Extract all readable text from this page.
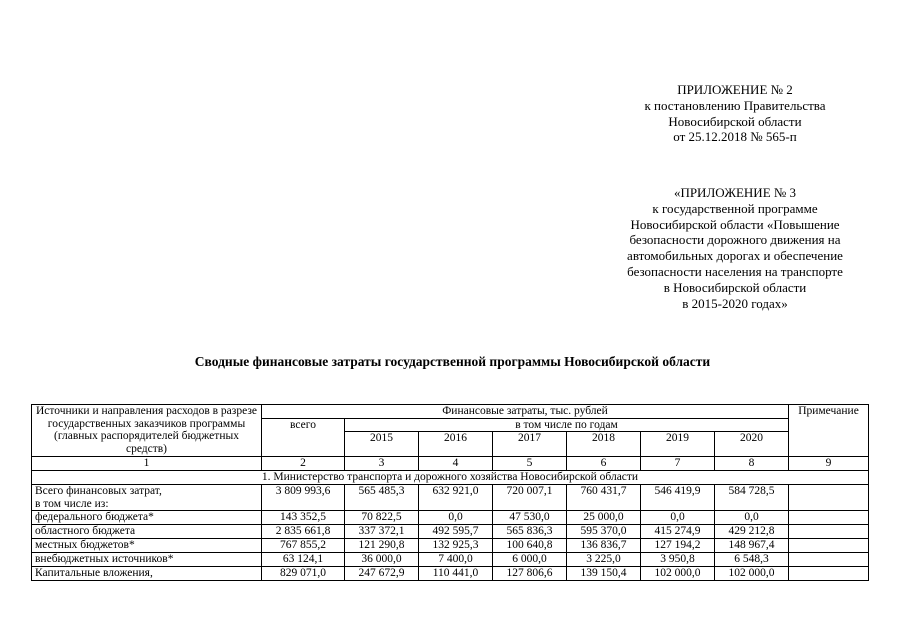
ПРИЛОЖЕНИЕ № 2
к постановлению Правительства
Новосибирской области
от 25.12.2018 № 565-п
«ПРИЛОЖЕНИЕ № 3
к государственной программе
Новосибирской области «Повышение
безопасности дорожного движения на
автомобильных дорогах и обеспечение
безопасности населения на транспорте
в Новосибирской области
в 2015-2020 годах»
Сводные финансовые затраты государственной программы Новосибирской области
Источники и направления расходов в разрезе государственных заказчиков программы (главных распорядителей бюджетных средств)	Финансовые затраты, тыс. рублей							Примечание
	всего	в том числе по годам						
		2015	2016	2017	2018	2019	2020	
1	2	3	4	5	6	7	8	9
1. Министерство транспорта и дорожного хозяйства Новосибирской области								

Всего финансовых затрат,
в том числе из:	3 809 993,6	565 485,3	632 921,0	720 007,1	760 431,7	546 419,9	584 728,5	
федерального бюджета*	143 352,5	70 822,5	0,0	47 530,0	25 000,0	0,0	0,0	
областного бюджета	2 835 661,8	337 372,1	492 595,7	565 836,3	595 370,0	415 274,9	429 212,8	
местных бюджетов*	767 855,2	121 290,8	132 925,3	100 640,8	136 836,7	127 194,2	148 967,4	
внебюджетных источников*	63 124,1	36 000,0	7 400,0	6 000,0	3 225,0	3 950,8	6 548,3	
Капитальные вложения,	829 071,0	247 672,9	110 441,0	127 806,6	139 150,4	102 000,0	102 000,0	
